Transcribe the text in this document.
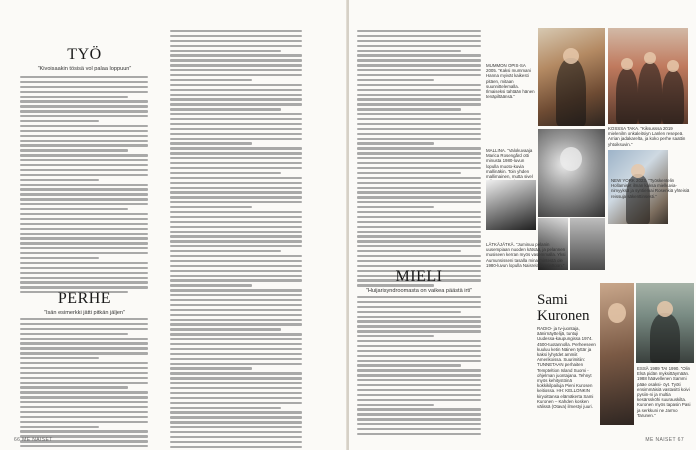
TYÖ
”Kivoisaakin tösisä vol palaa loppuun”
PERHE
”Isän esimerkki jätti pitkän jäljen”
66 ME NAISET
MIELI
”Huijarisyndroomasta on vaikea päästä irti”
MUMMON OPIS-SA 2005. ”Kaksi mummani Hanna myivät kaikesti pitäen, mitaan suunnittelemalla. Ilmaiseksi tahtään hänen tenäpiltäänsä.”
KOSSSA TAKA. ”Kiksusssa 2019 mielenilm onkaleitsiyn Lanlen resepeä. Arrian jadakarelta, ja koko perhe saattin yhtoiksuvin.”
MALLINA. ”Valokuvaaja Marica Rosengård otti minusta 1980-luvun lopulla muoto-kuvia mallinäkin. Toin yhden mallimainen, mutta sivel
NEW YORK 2023. ”Työskentelin Hollamiset ilman kaksa mielkuvia-nimyyksä ja syntiemai Rosenkiä yhteisiä reissuja säkenttinsesti.”
LÄTKÄJÄTKÄ. ”Juminuu pelanin uusempiaan nuoden kätsää, ja pelannen musiseen kerran myös vasemmalla. Yksi Aumunsisseni tasalla mina mintestä ole 1980-luvun lopulla Naisrelationalettoon.”
Sami
Kuronen
RADIO- ja tv-juontaja, äänirnäyttelijä, tuntuji Uudessa-kaupungissa 1974. 4500-tuotannolla. Perheeseen kuuluu ketin Näinen tyttär ja kaksi lyhytdet ammiit Amerikoissa. Suurimitiin: TUNNETAAN perhaiten Tempteltion Island Suomi -ohjelman juontajana. Tehnyt myös kehitystöinä kokkikilpailuja Pieni Kurosen keitiossa. HH: KELLONKIN kiryoittansa elämäkerta Sami Kuronen – Kahden kosken välissä (Otava) ilmestyi juuri.
ESSÄ 1989 TAI 1990. ”Olin Elsä pidän myksittäymään. 1988 häävellenen Sammi pääe osaksi- öyt. Työti ensimmäisiä vastasitti koivi pysiin-ni ja multia kesärssköhi suurauskilta. Kuronen myös tapasin Pasi ja serkkuni ne Jarmo Tarunen.”
ME NAISET 67
